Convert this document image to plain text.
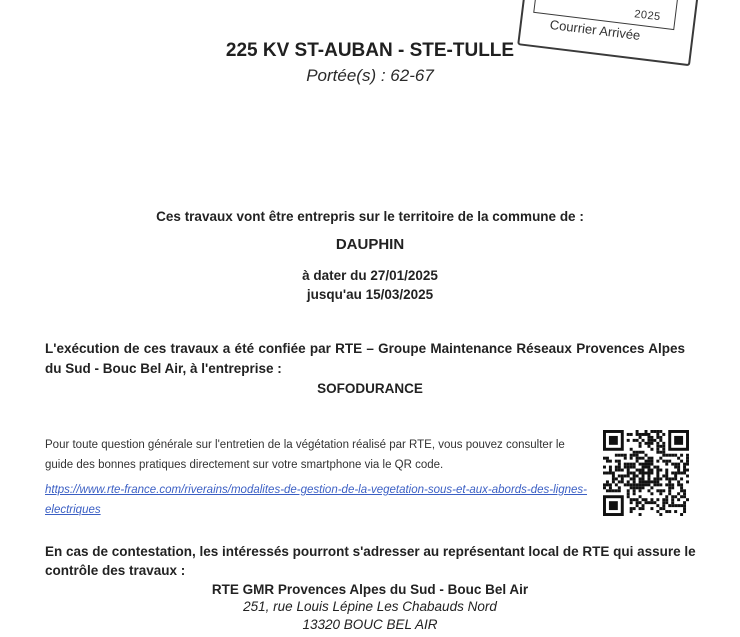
2025
Courrier Arrivée
225 KV ST-AUBAN - STE-TULLE
Portée(s) : 62-67
Ces travaux vont être entrepris sur le territoire de la commune de :
DAUPHIN
à dater du 27/01/2025
jusqu'au 15/03/2025
L'exécution de ces travaux a été confiée par RTE – Groupe Maintenance Réseaux Provences Alpes du Sud - Bouc Bel Air, à l'entreprise :
SOFODURANCE
Pour toute question générale sur l'entretien de la végétation réalisé par RTE, vous pouvez consulter le guide des bonnes pratiques directement sur votre smartphone via le QR code.
https://www.rte-france.com/riverains/modalites-de-gestion-de-la-vegetation-sous-et-aux-abords-des-lignes-electriques
En cas de contestation, les intéressés pourront s'adresser au représentant local de RTE qui assure le contrôle des travaux :
RTE GMR Provences Alpes du Sud - Bouc Bel Air
251, rue Louis Lépine Les Chabauds Nord
13320 BOUC BEL AIR
